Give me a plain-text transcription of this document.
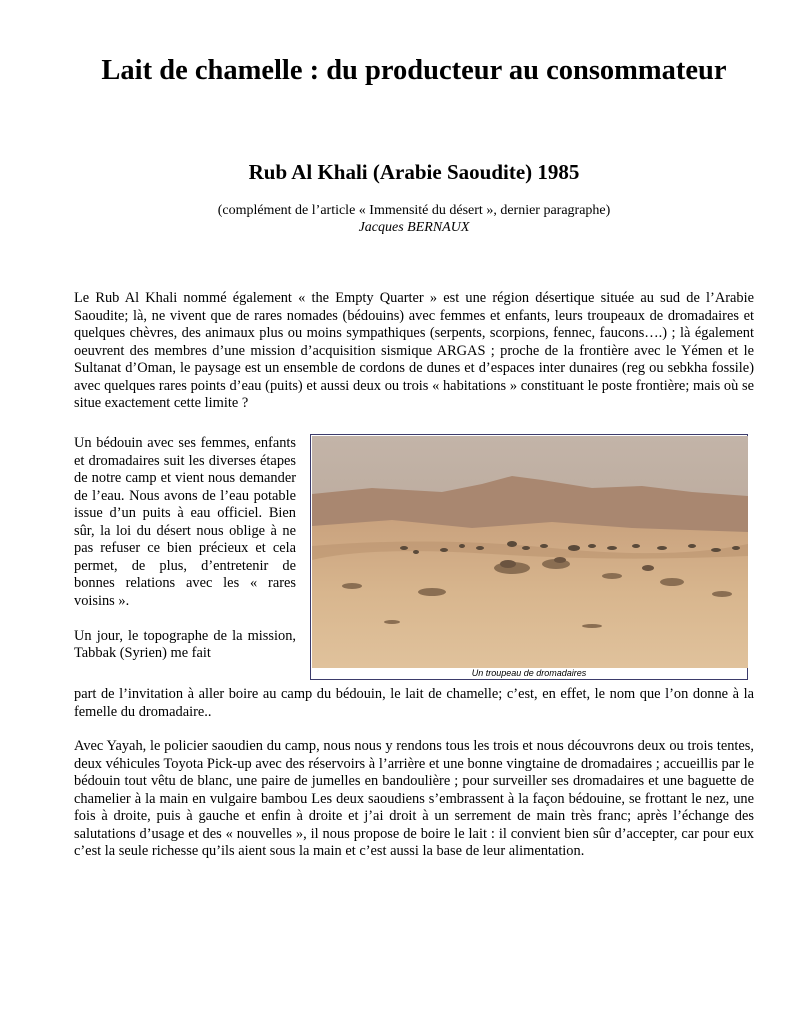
Lait de chamelle : du producteur au consommateur
Rub Al Khali (Arabie Saoudite) 1985
(complément de l’article « Immensité du désert », dernier paragraphe)
Jacques BERNAUX

Le Rub Al Khali nommé également « the Empty Quarter » est une région désertique située au sud de l’Arabie Saoudite; là, ne vivent que de rares nomades (bédouins) avec femmes et enfants, leurs troupeaux de dromadaires et quelques chèvres, des animaux plus ou moins sympathiques (serpents, scorpions, fennec, faucons….) ; là également oeuvrent des membres d’une mission d’acquisition sismique ARGAS ; proche de la frontière avec le Yémen et le Sultanat d’Oman, le paysage est un ensemble de cordons de dunes et d’espaces inter dunaires (reg ou sebkha fossile) avec quelques rares points d’eau (puits) et aussi deux ou trois « habitations » constituant le poste frontière; mais où se situe exactement cette limite ?

Un bédouin avec ses femmes, enfants et dromadaires suit les diverses étapes de notre camp et vient nous demander de l’eau. Nous avons de l’eau potable issue d’un puits à eau officiel. Bien sûr, la loi du désert nous oblige à ne pas refuser ce bien précieux et cela permet, de plus, d’entretenir de bonnes relations avec les « rares voisins ».

Un jour, le topographe de la mission, Tabbak (Syrien) me fait

Un troupeau de dromadaires

part de l’invitation à aller boire au camp du bédouin, le lait de chamelle; c’est, en effet, le nom que l’on donne à la femelle du dromadaire..

Avec Yayah, le policier saoudien du camp, nous nous y rendons tous les trois et nous découvrons deux ou trois tentes, deux véhicules Toyota Pick-up avec des réservoirs à l’arrière et une bonne vingtaine de dromadaires ; accueillis par le bédouin tout vêtu de blanc, une paire de jumelles en bandoulière ; pour surveiller ses dromadaires et une baguette de chamelier à la main en vulgaire bambou Les deux saoudiens s’embrassent à la façon bédouine, se frottant le nez, une fois à droite, puis à gauche et enfin à droite et j’ai droit à un serrement de main très franc; après l’échange des salutations d’usage et des « nouvelles », il nous propose de boire le lait : il convient bien sûr d’accepter, car pour eux c’est la seule richesse qu’ils aient sous la main et c’est aussi la base de leur alimentation.
